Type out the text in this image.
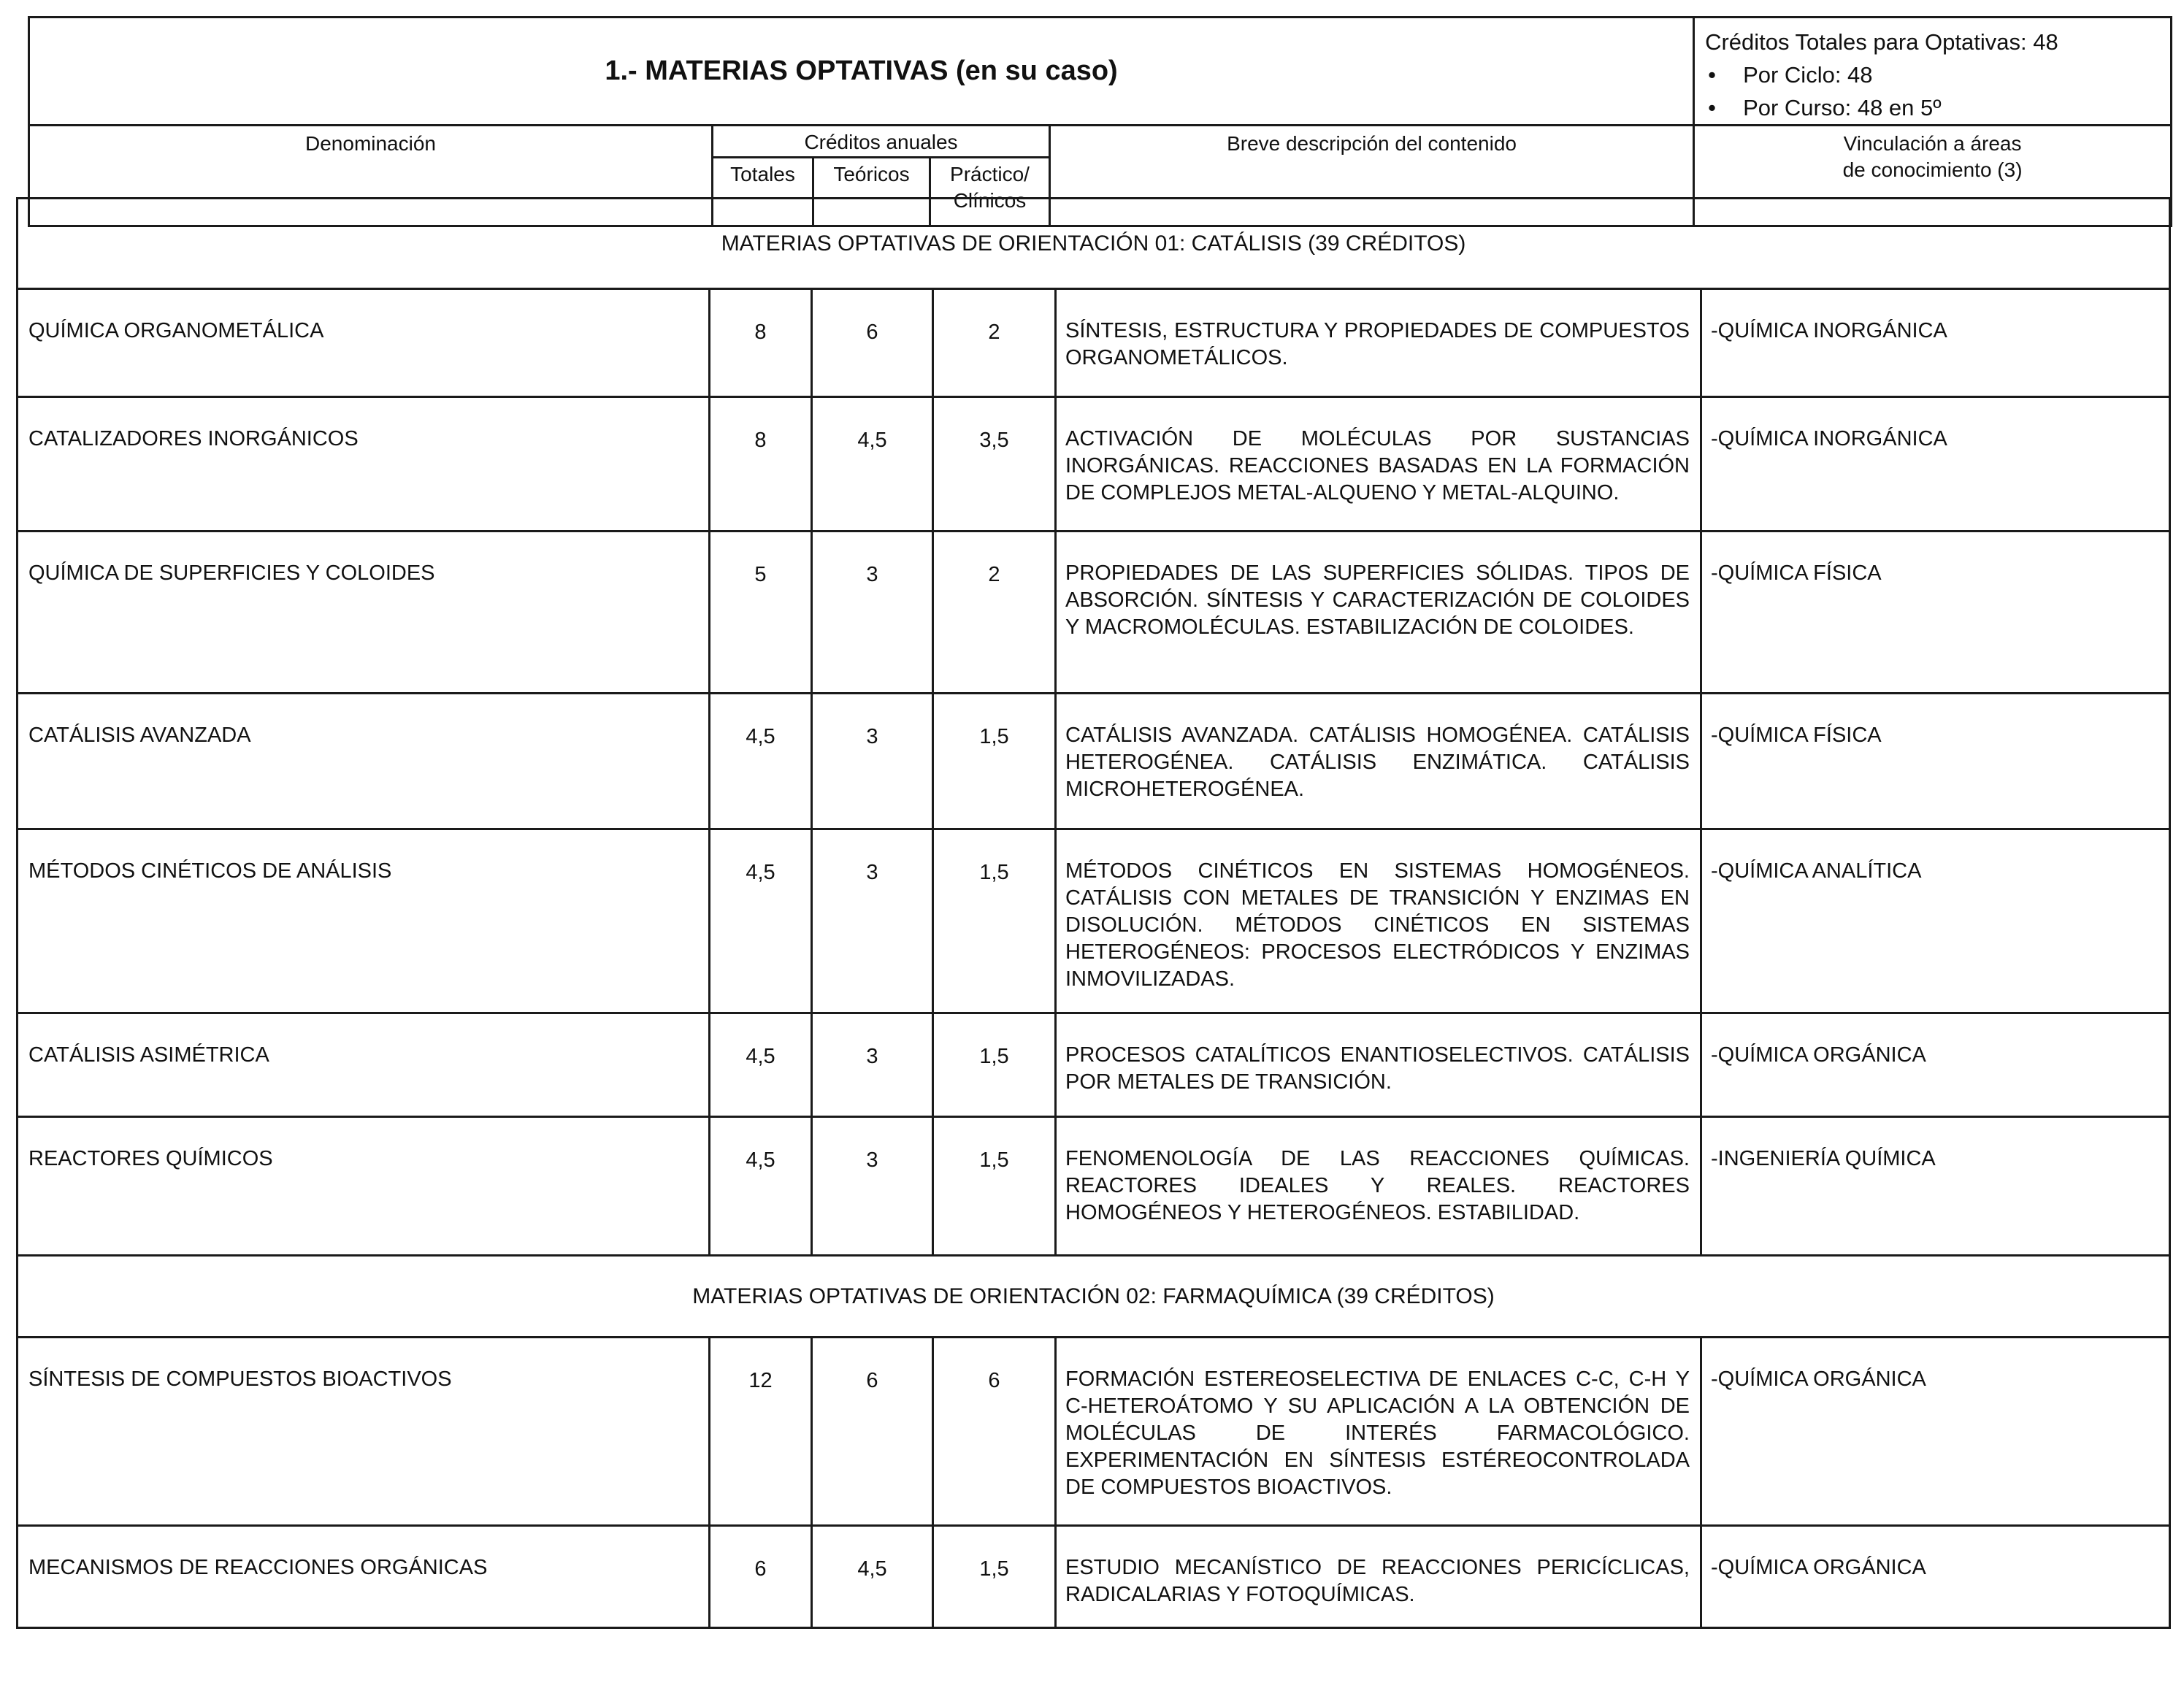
1.- MATERIAS OPTATIVAS (en su caso)					Créditos Totales para Optativas: 48
• Por Ciclo: 48
• Por Curso: 48 en 5º

Denominación	Créditos anuales			Breve descripción del contenido	Vinculación a áreas
de conocimiento (3)

	Totales	Teóricos	Práctico/
Clínicos		
MATERIAS OPTATIVAS DE ORIENTACIÓN 01: CATÁLISIS (39 CRÉDITOS)					
QUÍMICA ORGANOMETÁLICA	8	6	2	SÍNTESIS, ESTRUCTURA Y PROPIEDADES DE COMPUESTOS ORGANOMETÁLICOS.	-QUÍMICA INORGÁNICA
CATALIZADORES INORGÁNICOS	8	4,5	3,5	ACTIVACIÓN DE MOLÉCULAS POR SUSTANCIAS INORGÁNICAS. REACCIONES BASADAS EN LA FORMACIÓN DE COMPLEJOS METAL-ALQUENO Y METAL-ALQUINO.	-QUÍMICA INORGÁNICA
QUÍMICA DE SUPERFICIES Y COLOIDES	5	3	2	PROPIEDADES DE LAS SUPERFICIES SÓLIDAS. TIPOS DE ABSORCIÓN. SÍNTESIS Y CARACTERIZACIÓN DE COLOIDES Y MACROMOLÉCULAS. ESTABILIZACIÓN DE COLOIDES.	-QUÍMICA FÍSICA
CATÁLISIS AVANZADA	4,5	3	1,5	CATÁLISIS AVANZADA. CATÁLISIS HOMOGÉNEA. CATÁLISIS HETEROGÉNEA. CATÁLISIS ENZIMÁTICA. CATÁLISIS MICROHETEROGÉNEA.	-QUÍMICA FÍSICA
MÉTODOS CINÉTICOS DE ANÁLISIS	4,5	3	1,5	MÉTODOS CINÉTICOS EN SISTEMAS HOMOGÉNEOS. CATÁLISIS CON METALES DE TRANSICIÓN Y ENZIMAS EN DISOLUCIÓN. MÉTODOS CINÉTICOS EN SISTEMAS HETEROGÉNEOS: PROCESOS ELECTRÓDICOS Y ENZIMAS INMOVILIZADAS.	-QUÍMICA ANALÍTICA
CATÁLISIS ASIMÉTRICA	4,5	3	1,5	PROCESOS CATALÍTICOS ENANTIOSELECTIVOS. CATÁLISIS POR METALES DE TRANSICIÓN.	-QUÍMICA ORGÁNICA
REACTORES QUÍMICOS	4,5	3	1,5	FENOMENOLOGÍA DE LAS REACCIONES QUÍMICAS. REACTORES IDEALES Y REALES. REACTORES HOMOGÉNEOS Y HETEROGÉNEOS. ESTABILIDAD.	-INGENIERÍA QUÍMICA
MATERIAS OPTATIVAS DE ORIENTACIÓN 02: FARMAQUÍMICA (39 CRÉDITOS)					
SÍNTESIS DE COMPUESTOS BIOACTIVOS	12	6	6	FORMACIÓN ESTEREOSELECTIVA DE ENLACES C-C, C-H Y C-HETEROÁTOMO Y SU APLICACIÓN A LA OBTENCIÓN DE MOLÉCULAS DE INTERÉS FARMACOLÓGICO. EXPERIMENTACIÓN EN SÍNTESIS ESTÉREOCONTROLADA DE COMPUESTOS BIOACTIVOS.	-QUÍMICA ORGÁNICA
MECANISMOS DE REACCIONES ORGÁNICAS	6	4,5	1,5	ESTUDIO MECANÍSTICO DE REACCIONES PERICÍCLICAS, RADICALARIAS Y FOTOQUÍMICAS.	-QUÍMICA ORGÁNICA
